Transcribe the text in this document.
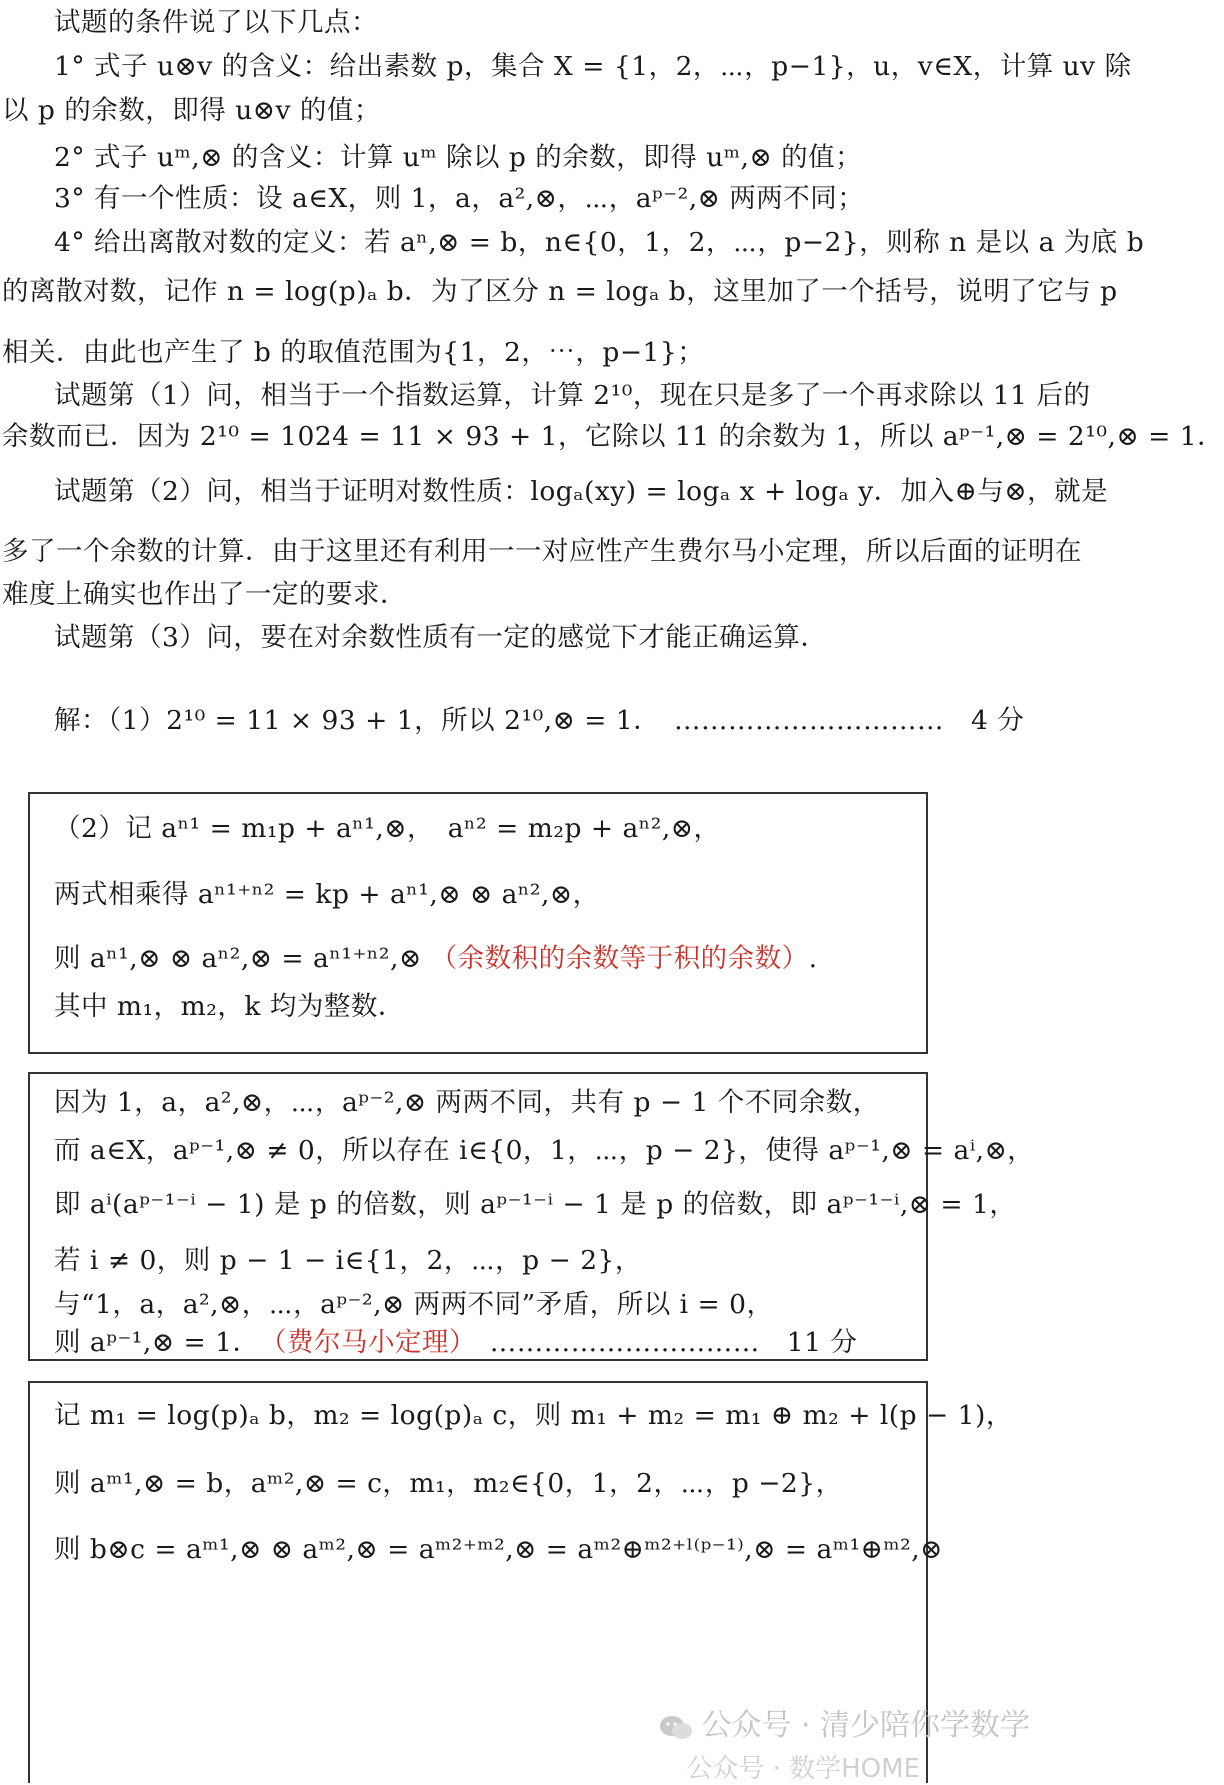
试题的条件说了以下几点：
1° 式子 u⊗v 的含义：给出素数 p，集合 X = {1，2，⋯，p−1}，u，v∈X，计算 uv 除
以 p 的余数，即得 u⊗v 的值；
2° 式子 uᵐ,⊗ 的含义：计算 uᵐ 除以 p 的余数，即得 uᵐ,⊗ 的值；
3° 有一个性质：设 a∈X，则 1，a，a²,⊗，⋯，aᵖ⁻²,⊗ 两两不同；
4° 给出离散对数的定义：若 aⁿ,⊗ = b，n∈{0，1，2，⋯，p−2}，则称 n 是以 a 为底 b
的离散对数，记作 n = log(p)ₐ b．为了区分 n = logₐ b，这里加了一个括号，说明了它与 p
相关．由此也产生了 b 的取值范围为{1，2，⋯，p−1}；
试题第（1）问，相当于一个指数运算，计算 2¹⁰，现在只是多了一个再求除以 11 后的
余数而已．因为 2¹⁰ = 1024 = 11 × 93 + 1，它除以 11 的余数为 1，所以 aᵖ⁻¹,⊗ = 2¹⁰,⊗ = 1．
试题第（2）问，相当于证明对数性质：logₐ(xy) = logₐ x + logₐ y．加入⊕与⊗，就是
多了一个余数的计算．由于这里还有利用一一对应性产生费尔马小定理，所以后面的证明在
难度上确实也作出了一定的要求．
试题第（3）问，要在对余数性质有一定的感觉下才能正确运算．
解：（1）2¹⁰ = 11 × 93 + 1，所以 2¹⁰,⊗ = 1．　…………………………　4 分
（2）记 aⁿ¹ = m₁p + aⁿ¹,⊗，　aⁿ² = m₂p + aⁿ²,⊗，
两式相乘得 aⁿ¹⁺ⁿ² = kp + aⁿ¹,⊗ ⊗ aⁿ²,⊗，
则 aⁿ¹,⊗ ⊗ aⁿ²,⊗ = aⁿ¹⁺ⁿ²,⊗ （余数积的余数等于积的余数）.
其中 m₁，m₂，k 均为整数．
因为 1，a，a²,⊗，⋯，aᵖ⁻²,⊗ 两两不同，共有 p − 1 个不同余数，
而 a∈X，aᵖ⁻¹,⊗ ≠ 0，所以存在 i∈{0，1，⋯，p − 2}，使得 aᵖ⁻¹,⊗ = aⁱ,⊗，
即 aⁱ(aᵖ⁻¹⁻ⁱ − 1) 是 p 的倍数，则 aᵖ⁻¹⁻ⁱ − 1 是 p 的倍数，即 aᵖ⁻¹⁻ⁱ,⊗ = 1，
若 i ≠ 0，则 p − 1 − i∈{1，2，⋯，p − 2}，
与“1，a，a²,⊗，⋯，aᵖ⁻²,⊗ 两两不同”矛盾，所以 i = 0，
则 aᵖ⁻¹,⊗ = 1．　（费尔马小定理）　…………………………　11 分
记 m₁ = log(p)ₐ b，m₂ = log(p)ₐ c，则 m₁ + m₂ = m₁ ⊕ m₂ + l(p − 1)，
则 aᵐ¹,⊗ = b，aᵐ²,⊗ = c，m₁，m₂∈{0，1，2，⋯，p −2}，
则 b⊗c = aᵐ¹,⊗ ⊗ aᵐ²,⊗ = aᵐ²⁺ᵐ²,⊗ = aᵐ²⊕ᵐ²⁺ˡ⁽ᵖ⁻¹⁾,⊗ = aᵐ¹⊕ᵐ²,⊗
公众号 · 清少陪你学数学
公众号 · 数学HOME
